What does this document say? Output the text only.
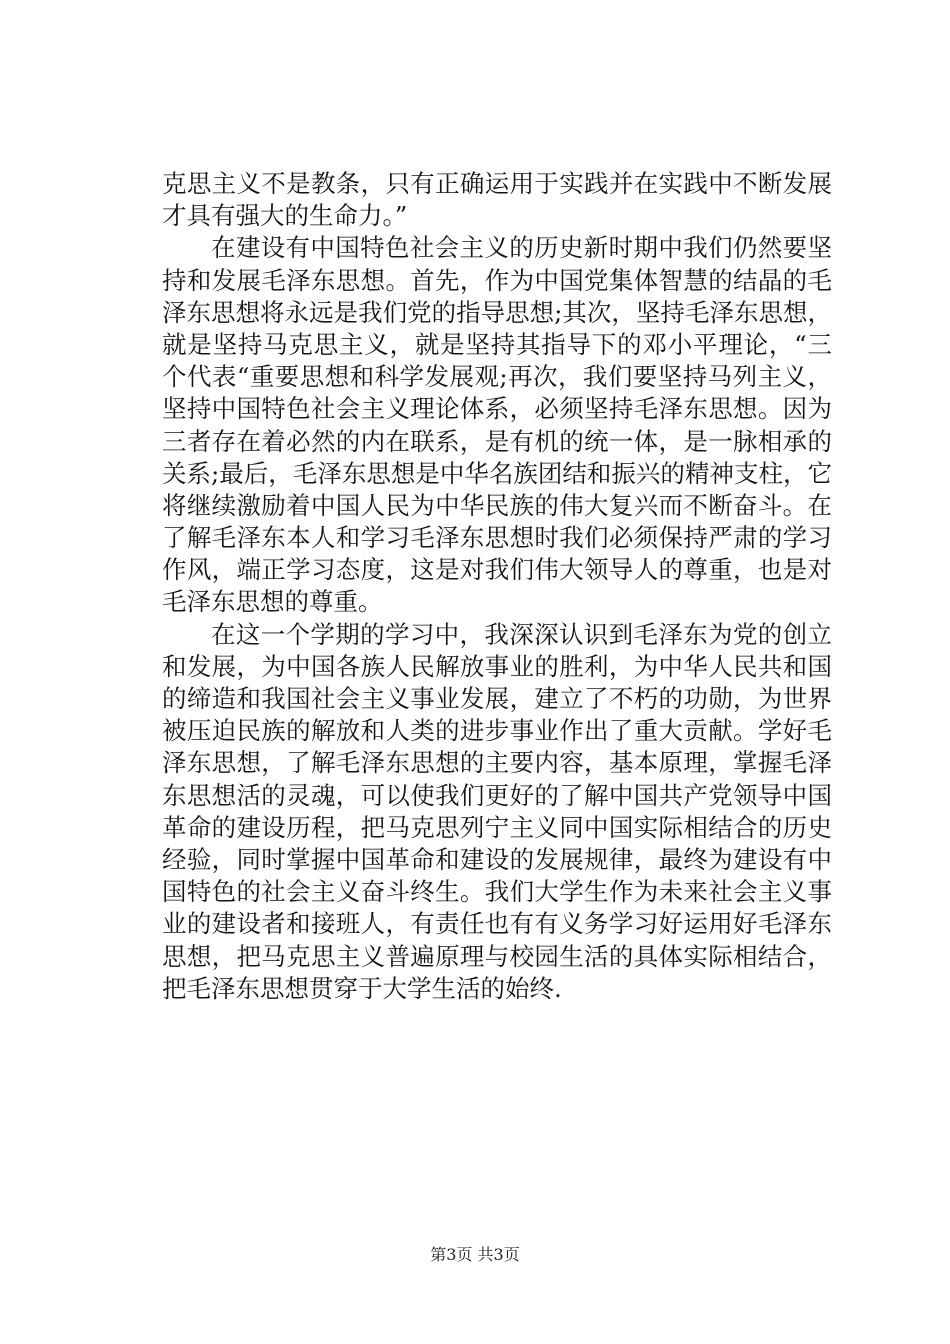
克思主义不是教条，只有正确运用于实践并在实践中不断发展
才具有强大的生命力。”
在建设有中国特色社会主义的历史新时期中我们仍然要坚
持和发展毛泽东思想。首先，作为中国党集体智慧的结晶的毛
泽东思想将永远是我们党的指导思想;其次，坚持毛泽东思想，
就是坚持马克思主义，就是坚持其指导下的邓小平理论，“三
个代表“重要思想和科学发展观;再次，我们要坚持马列主义，
坚持中国特色社会主义理论体系，必须坚持毛泽东思想。因为
三者存在着必然的内在联系，是有机的统一体，是一脉相承的
关系;最后，毛泽东思想是中华名族团结和振兴的精神支柱，它
将继续激励着中国人民为中华民族的伟大复兴而不断奋斗。在
了解毛泽东本人和学习毛泽东思想时我们必须保持严肃的学习
作风，端正学习态度，这是对我们伟大领导人的尊重，也是对
毛泽东思想的尊重。
在这一个学期的学习中，我深深认识到毛泽东为党的创立
和发展，为中国各族人民解放事业的胜利，为中华人民共和国
的缔造和我国社会主义事业发展，建立了不朽的功勋，为世界
被压迫民族的解放和人类的进步事业作出了重大贡献。学好毛
泽东思想，了解毛泽东思想的主要内容，基本原理，掌握毛泽
东思想活的灵魂，可以使我们更好的了解中国共产党领导中国
革命的建设历程，把马克思列宁主义同中国实际相结合的历史
经验，同时掌握中国革命和建设的发展规律，最终为建设有中
国特色的社会主义奋斗终生。我们大学生作为未来社会主义事
业的建设者和接班人，有责任也有有义务学习好运用好毛泽东
思想，把马克思主义普遍原理与校园生活的具体实际相结合，
把毛泽东思想贯穿于大学生活的始终.
第3页 共3页
